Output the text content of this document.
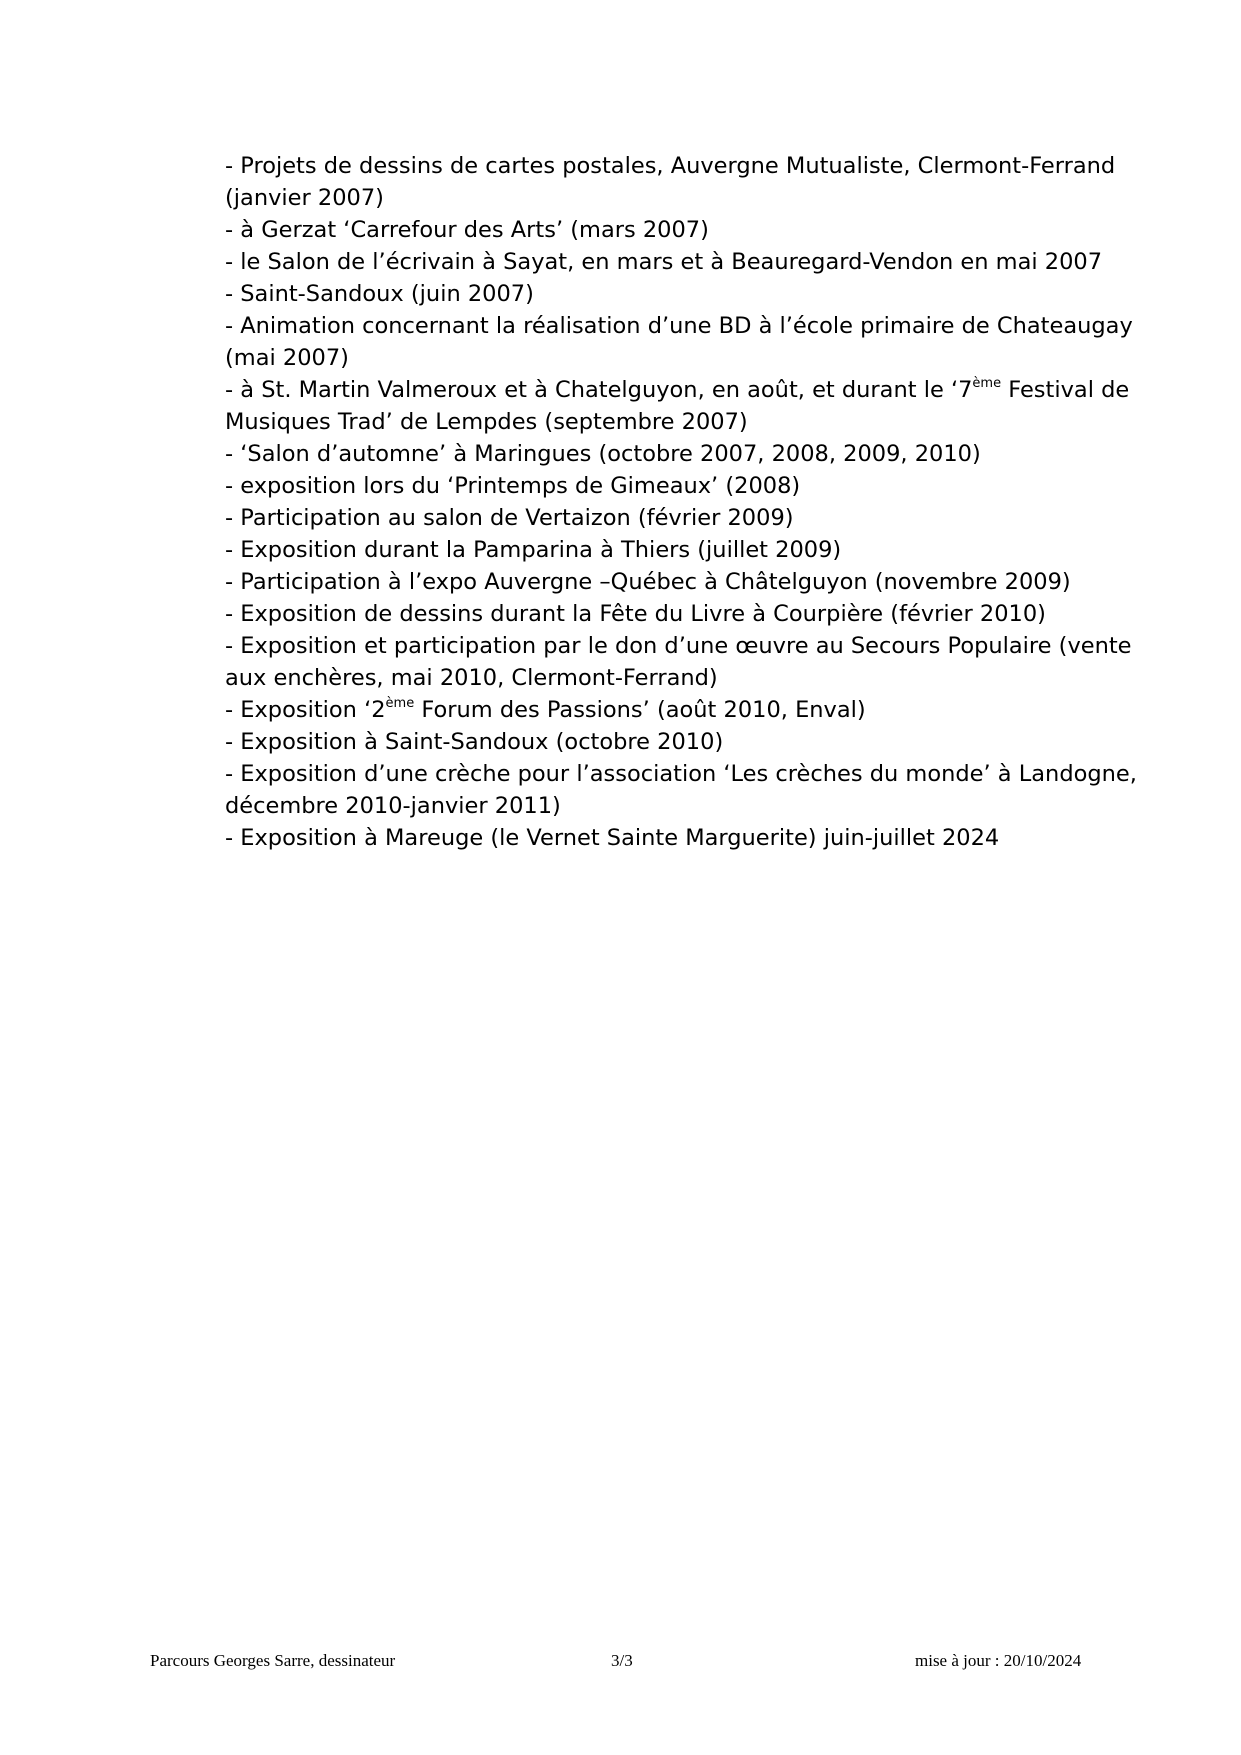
- Projets de dessins de cartes postales, Auvergne Mutualiste, Clermont-Ferrand
(janvier 2007)
- à Gerzat ‘Carrefour des Arts’ (mars 2007)
- le Salon de l’écrivain à Sayat, en mars et à Beauregard-Vendon en mai 2007
- Saint-Sandoux (juin 2007)
- Animation concernant la réalisation d’une BD à l’école primaire de Chateaugay
(mai 2007)
- à St. Martin Valmeroux et à Chatelguyon, en août, et durant le ‘7ème Festival de
Musiques Trad’ de Lempdes (septembre 2007)
- ‘Salon d’automne’ à Maringues (octobre 2007, 2008, 2009, 2010)
- exposition lors du ‘Printemps de Gimeaux’ (2008)
- Participation au salon de Vertaizon (février 2009)
- Exposition durant la Pamparina à Thiers (juillet 2009)
- Participation à l’expo Auvergne –Québec à Châtelguyon (novembre 2009)
- Exposition de dessins durant la Fête du Livre à Courpière (février 2010)
- Exposition et participation par le don d’une œuvre au Secours Populaire (vente
aux enchères, mai 2010, Clermont-Ferrand)
- Exposition ‘2ème Forum des Passions’ (août 2010, Enval)
- Exposition à Saint-Sandoux (octobre 2010)
- Exposition d’une crèche pour l’association ‘Les crèches du monde’ à Landogne,
décembre 2010-janvier 2011)
- Exposition à Mareuge (le Vernet Sainte Marguerite) juin-juillet 2024
Parcours Georges Sarre, dessinateur	3/3	mise à jour : 20/10/2024
